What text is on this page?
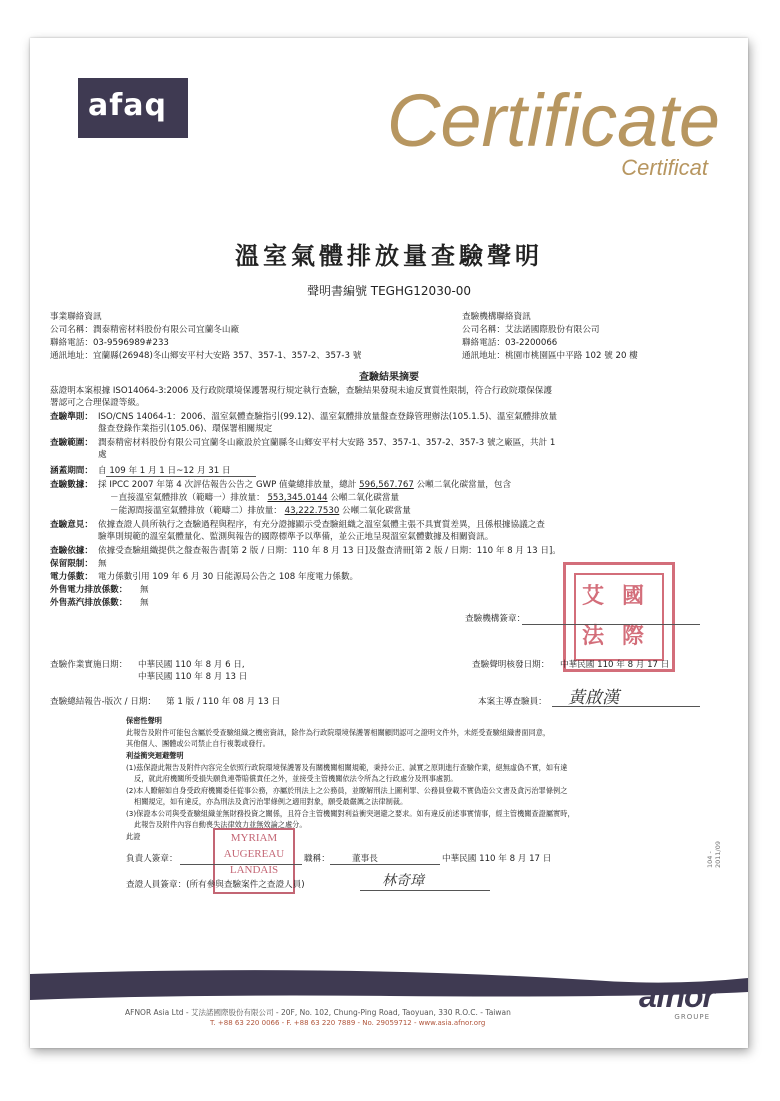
afaq	Certificate
Certificat
溫室氣體排放量查驗聲明
聲明書編號 TEGHG12030-00
事業聯絡資訊
公司名稱：潤泰精密材料股份有限公司宜蘭冬山廠
聯絡電話：03-9596989#233
通訊地址：宜蘭縣(26948)冬山鄉安平村大安路 357、357-1、357-2、357-3 號
查驗機構聯絡資訊
公司名稱：艾法諾國際股份有限公司
聯絡電話：03-2200066
通訊地址：桃園市桃園區中平路 102 號 20 樓
查驗結果摘要
茲證明本案根據 ISO14064-3:2006 及行政院環境保護署現行規定執行查驗，查驗結果發現未逾反實質性限制，符合行政院環保保護
署認可之合理保證等級。
查驗準則： ISO/CNS 14064-1：2006、溫室氣體查驗指引(99.12)、溫室氣體排放量盤查登錄管理辦法(105.1.5)、溫室氣體排放量
盤查登錄作業指引(105.06)、環保署相關規定
查驗範圍： 潤泰精密材料股份有限公司宜蘭冬山廠設於宜蘭縣冬山鄉安平村大安路 357、357-1、357-2、357-3 號之廠區，共計 1
處
涵蓋期間： 自 109 年 1 月 1 日~12 月 31 日
查驗數據： 採 IPCC 2007 年第 4 次評估報告公告之 GWP 值彙總排放量，總計 596,567.767 公噸二氧化碳當量，包含
－直接溫室氣體排放（範疇一）排放量： 553,345.0144 公噸二氧化碳當量
－能源間接溫室氣體排放（範疇二）排放量： 43,222.7530 公噸二氧化碳當量
查驗意見： 依據查證人員所執行之查驗過程與程序，有充分證據顯示受查驗組織之溫室氣體主張不具實質差異，且係根據協議之查
驗準則規範的溫室氣體量化、監測與報告的國際標準予以準備，並公正地呈現溫室氣體數據及相關資訊。
查驗依據： 依據受查驗組織提供之盤查報告書[第 2 版 / 日期：110 年 8 月 13 日]及盤查清冊[第 2 版 / 日期：110 年 8 月 13 日]。
保留限制： 無
電力係數： 電力係數引用 109 年 6 月 30 日能源局公告之 108 年度電力係數。
外售電力排放係數： 無
外售蒸汽排放係數： 無	艾 國
法 際
查驗機構簽章：
查驗作業實施日期： 中華民國 110 年 8 月 6 日,
中華民國 110 年 8 月 13 日
查驗聲明核發日期： 中華民國 110 年 8 月 17 日
查驗總結報告-版次 / 日期： 第 1 版 / 110 年 08 月 13 日	本案主導查驗員： 黃啟漢
保密性聲明
此報告及附件可能包含屬於受查驗組織之機密資訊，除作為行政院環境保護署相關顧問認可之證明文件外，未經受查驗組織書面同意，
其他個人、團體或公司禁止自行複製或發行。
利益衝突迴避聲明
(1)茲保證此報告及附件內容完全依照行政院環境保護署及有關機關相關規範，秉持公正、誠實之原則進行查驗作業，絕無虛偽不實，如有違
反，就此府機關所受損失願負連帶賠償責任之外，並接受主管機關依法令所為之行政處分及刑事處罰。
(2)本人瞭解如自身受政府機關委任從事公務，亦屬於刑法上之公務員，並瞭解刑法上圖利罪、公務員登載不實偽造公文書及貪污治罪條例之
相關規定，如有違反，亦為刑法及貪污治罪條例之適用對象，願受最嚴厲之法律制裁。
(3)保證本公司與受查驗組織並無財務投資之關係，且符合主管機關對利益衝突迴避之要求。如有違反前述事實情事，經主管機關查證屬實時，
此報告及附件內容自動喪失法律效力並無效論之處分。
此證	MYRIAM AUGEREAU LANDAIS
負責人簽章：	職稱：	董事長	中華民國 110 年 8 月 17 日
查證人員簽章：(所有參與查驗案件之查證人員)	林奇璋
104 - 2011/09
AFNOR Asia Ltd - 艾法諾國際股份有限公司 - 20F, No. 102, Chung-Ping Road, Taoyuan, 330 R.O.C. - Taiwan
T. +88 63 220 0066 - F. +88 63 220 7889 - No. 29059712 - www.asia.afnor.org
afnor
GROUPE
